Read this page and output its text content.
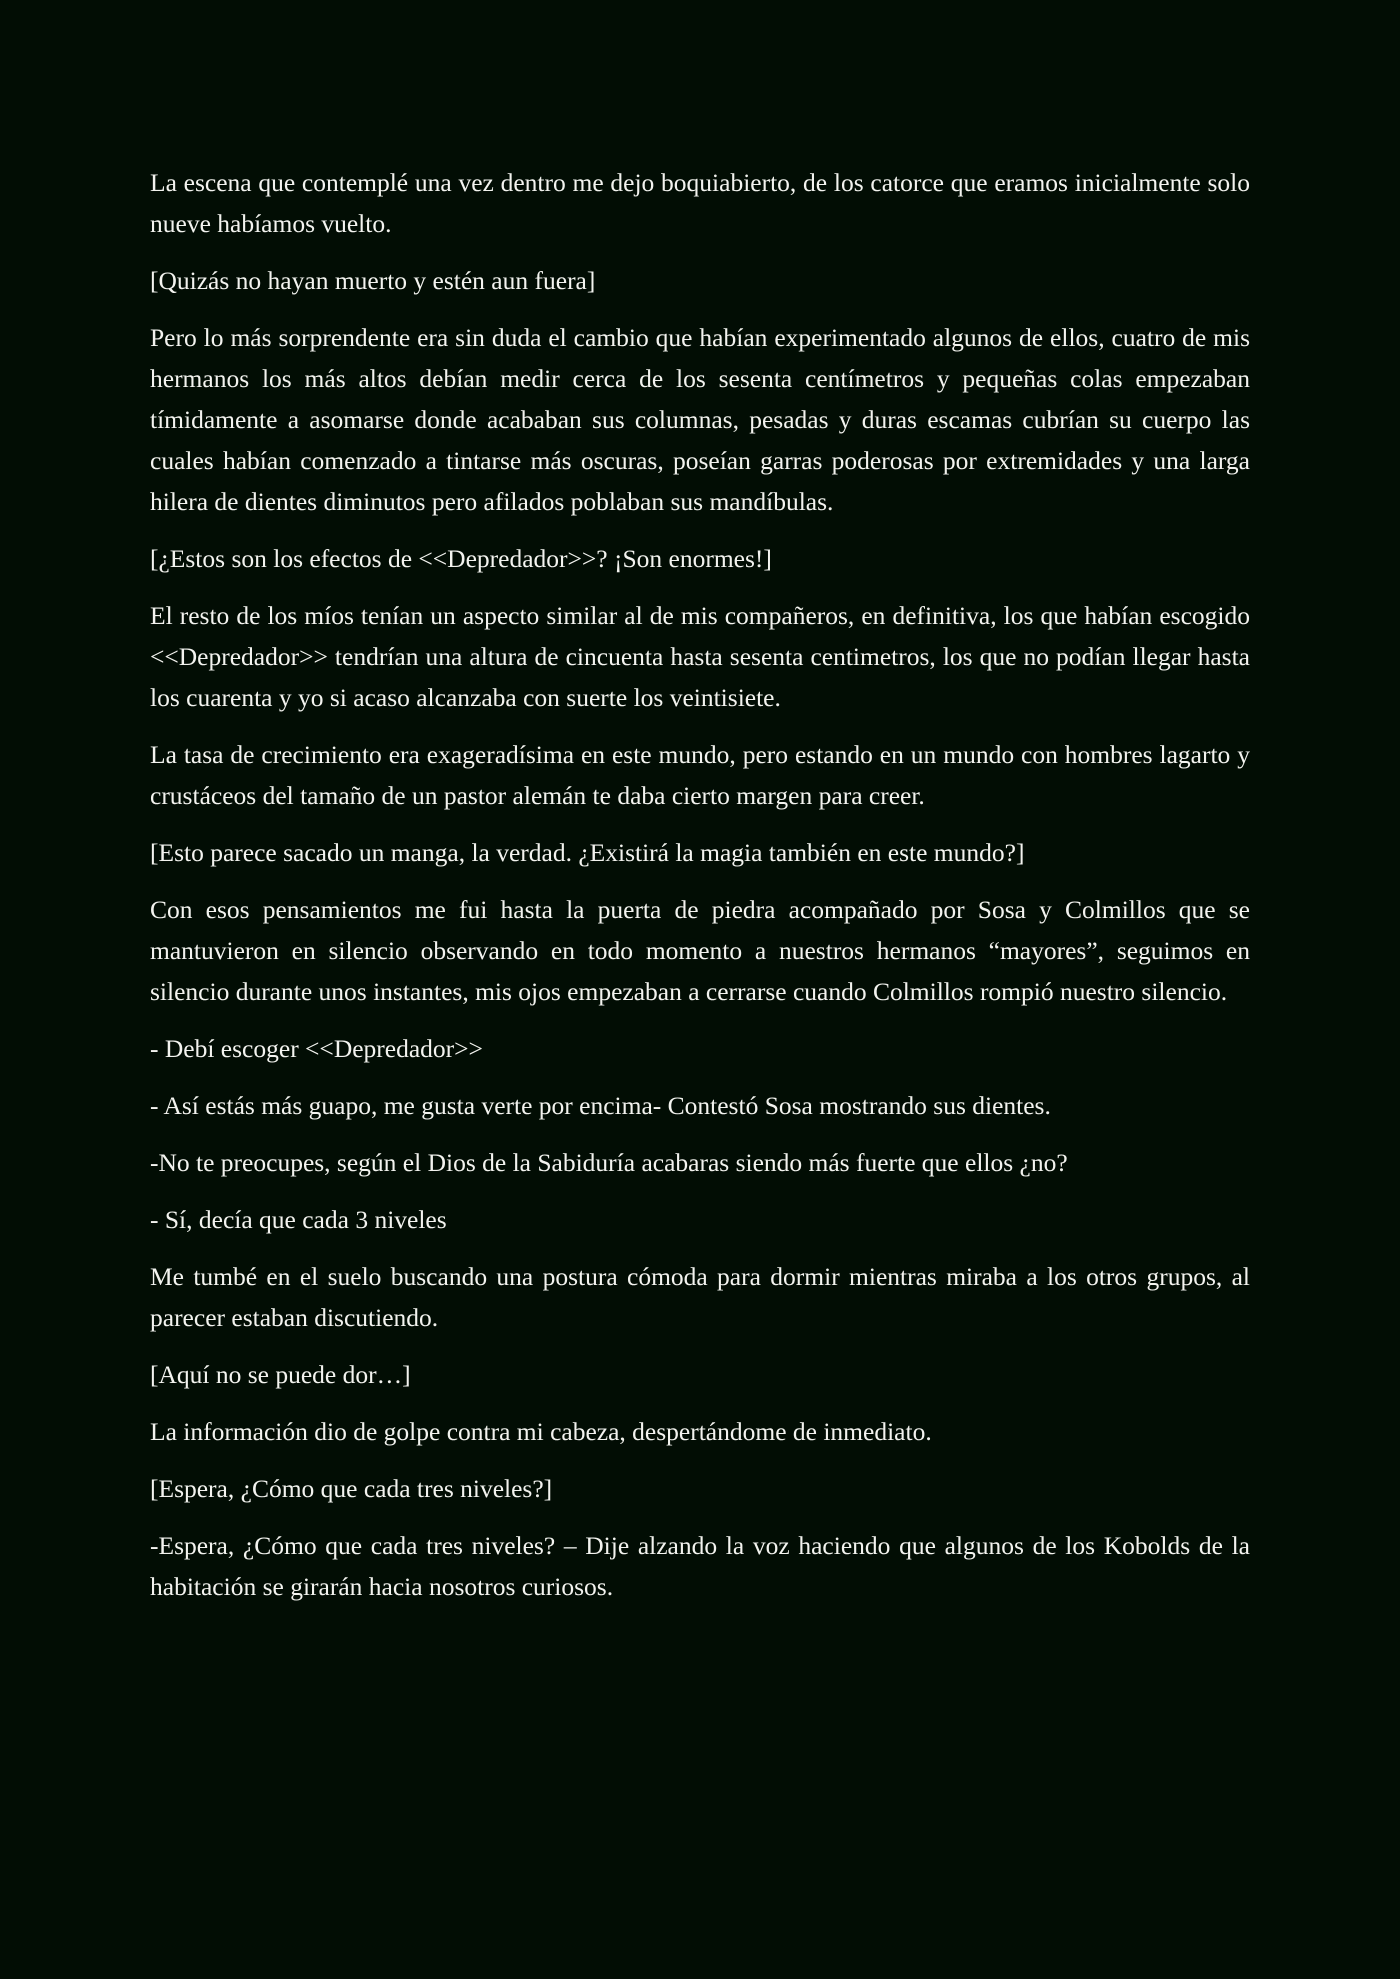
La escena que contemplé una vez dentro me dejo boquiabierto, de los catorce que eramos inicialmente solo nueve habíamos vuelto.

[Quizás no hayan muerto y estén aun fuera]

Pero lo más sorprendente era sin duda el cambio que habían experimentado algunos de ellos, cuatro de mis hermanos los más altos debían medir cerca de los sesenta centímetros y pequeñas colas empezaban tímidamente a asomarse donde acababan sus columnas, pesadas y duras escamas cubrían su cuerpo las cuales habían comenzado a tintarse más oscuras, poseían garras poderosas por extremidades y una larga hilera de dientes diminutos pero afilados poblaban sus mandíbulas.

[¿Estos son los efectos de <<Depredador>>? ¡Son enormes!]

El resto de los míos tenían un aspecto similar al de mis compañeros, en definitiva, los que habían escogido <<Depredador>> tendrían una altura de cincuenta hasta sesenta centimetros, los que no podían llegar hasta los cuarenta y yo si acaso alcanzaba con suerte los veintisiete.

La tasa de crecimiento era exageradísima en este mundo, pero estando en un mundo con hombres lagarto y crustáceos del tamaño de un pastor alemán te daba cierto margen para creer.

[Esto parece sacado un manga, la verdad. ¿Existirá la magia también en este mundo?]

Con esos pensamientos me fui hasta la puerta de piedra acompañado por Sosa y Colmillos que se mantuvieron en silencio observando en todo momento a nuestros hermanos “mayores”, seguimos en silencio durante unos instantes, mis ojos empezaban a cerrarse cuando Colmillos rompió nuestro silencio.

- Debí escoger <<Depredador>>

- Así estás más guapo, me gusta verte por encima- Contestó Sosa mostrando sus dientes.

-No te preocupes, según el Dios de la Sabiduría acabaras siendo más fuerte que ellos ¿no?

- Sí, decía que cada 3 niveles

Me tumbé en el suelo buscando una postura cómoda para dormir mientras miraba a los otros grupos, al parecer estaban discutiendo.

[Aquí no se puede dor…]

La información dio de golpe contra mi cabeza, despertándome de inmediato.

[Espera, ¿Cómo que cada tres niveles?]

-Espera, ¿Cómo que cada tres niveles? – Dije alzando la voz haciendo que algunos de los Kobolds de la habitación se girarán hacia nosotros curiosos.
